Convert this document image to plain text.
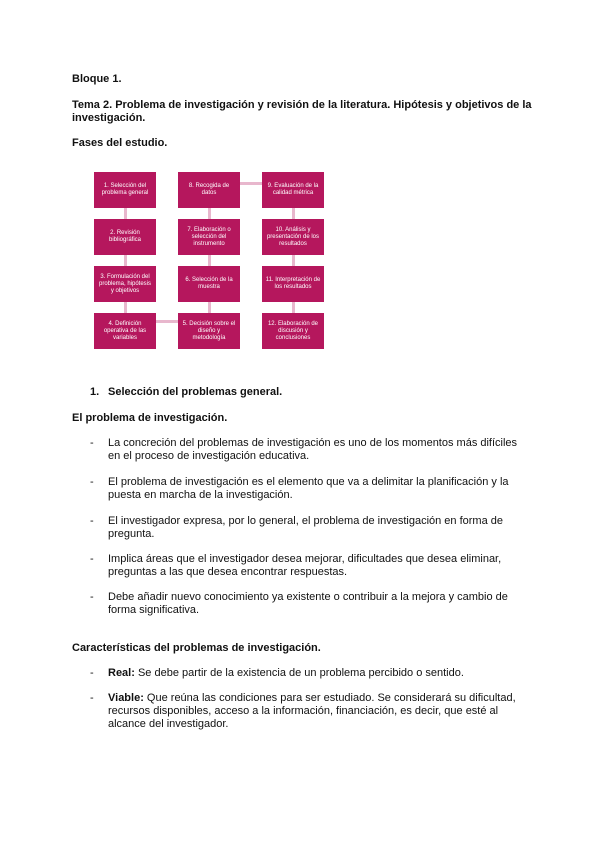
Bloque 1.
Tema 2. Problema de investigación y revisión de la literatura. Hipótesis y objetivos de la investigación.
Fases del estudio.
1. Selección del problema general
2. Revisión bibliográfica
3. Formulación del problema, hipótesis y objetivos
4. Definición operativa de las variables
5. Decisión sobre el diseño y metodología
6. Selección de la muestra
7. Elaboración o selección del instrumento
8. Recogida de datos
9. Evaluación de la calidad métrica
10. Análisis y presentación de los resultados
11. Interpretación de los resultados
12. Elaboración de discusión y conclusiones
1. Selección del problemas general.
El problema de investigación.
- La concreción del problemas de investigación es uno de los momentos más difíciles en el proceso de investigación educativa.
- El problema de investigación es el elemento que va a delimitar la planificación y la puesta en marcha de la investigación.
- El investigador expresa, por lo general, el problema de investigación en forma de pregunta.
- Implica áreas que el investigador desea mejorar, dificultades que desea eliminar, preguntas a las que desea encontrar respuestas.
- Debe añadir nuevo conocimiento ya existente o contribuir a la mejora y cambio de forma significativa.
Características del problemas de investigación.
- Real: Se debe partir de la existencia de un problema percibido o sentido.
- Viable: Que reúna las condiciones para ser estudiado. Se considerará su dificultad, recursos disponibles, acceso a la información, financiación, es decir, que esté al alcance del investigador.
